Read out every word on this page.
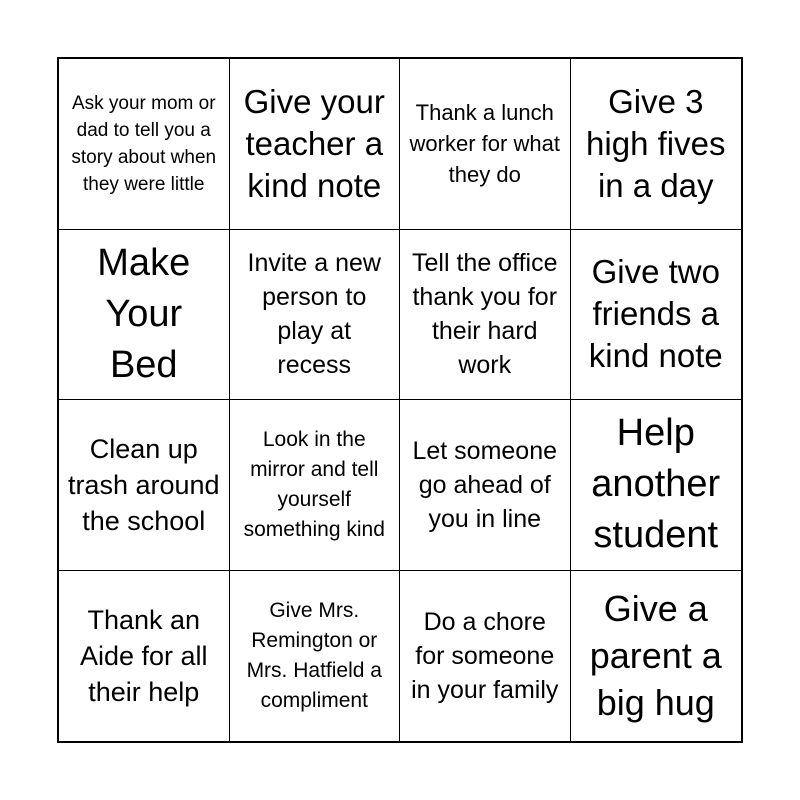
Ask your mom or dad to tell you a story about when they were little
Give your teacher a kind note
Thank a lunch worker for what they do
Give 3 high fives in a day
Make Your Bed
Invite a new person to play at recess
Tell the office thank you for their hard work
Give two friends a kind note
Clean up trash around the school
Look in the mirror and tell yourself something kind
Let someone go ahead of you in line
Help another student
Thank an Aide for all their help
Give Mrs. Remington or Mrs. Hatfield a compliment
Do a chore for someone in your family
Give a parent a big hug
